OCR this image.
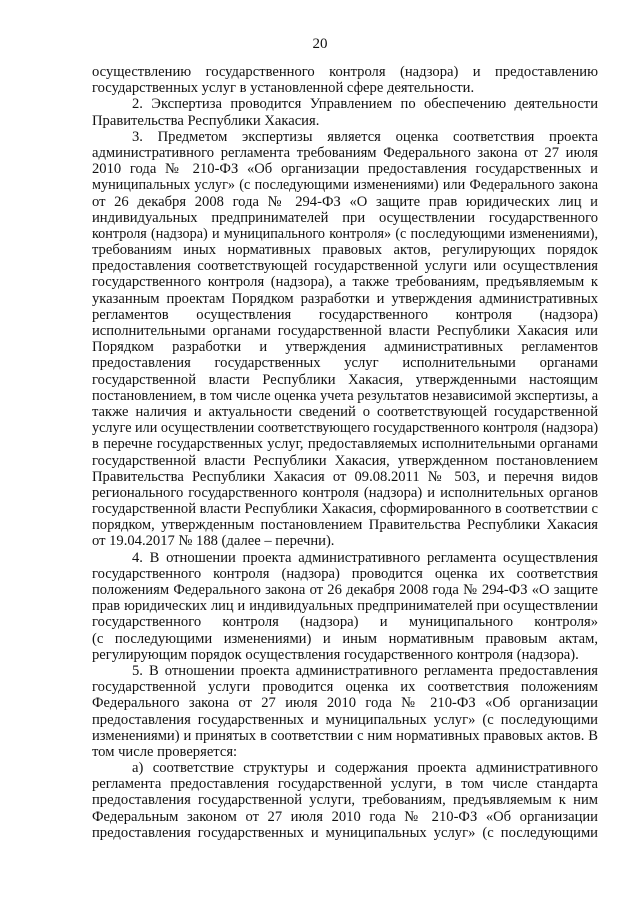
20
осуществлению государственного контроля (надзора) и предоставлению
государственных услуг в установленной сфере деятельности.
2. Экспертиза проводится Управлением по обеспечению деятельности
Правительства Республики Хакасия.
3. Предметом экспертизы является оценка соответствия проекта
административного регламента требованиям Федерального закона от 27 июля
2010 года № 210-ФЗ «Об организации предоставления государственных и
муниципальных услуг» (с последующими изменениями) или Федерального закона
от 26 декабря 2008 года № 294-ФЗ «О защите прав юридических лиц и
индивидуальных предпринимателей при осуществлении государственного
контроля (надзора) и муниципального контроля» (с последующими изменениями),
требованиям иных нормативных правовых актов, регулирующих порядок
предоставления соответствующей государственной услуги или осуществления
государственного контроля (надзора), а также требованиям, предъявляемым к
указанным проектам Порядком разработки и утверждения административных
регламентов осуществления государственного контроля (надзора)
исполнительными органами государственной власти Республики Хакасия или
Порядком разработки и утверждения административных регламентов
предоставления государственных услуг исполнительными органами
государственной власти Республики Хакасия, утвержденными настоящим
постановлением, в том числе оценка учета результатов независимой экспертизы, а
также наличия и актуальности сведений о соответствующей государственной
услуге или осуществлении соответствующего государственного контроля (надзора)
в перечне государственных услуг, предоставляемых исполнительными органами
государственной власти Республики Хакасия, утвержденном постановлением
Правительства Республики Хакасия от 09.08.2011 № 503, и перечня видов
регионального государственного контроля (надзора) и исполнительных органов
государственной власти Республики Хакасия, сформированного в соответствии с
порядком, утвержденным постановлением Правительства Республики Хакасия
от 19.04.2017 № 188 (далее – перечни).
4. В отношении проекта административного регламента осуществления
государственного контроля (надзора) проводится оценка их соответствия
положениям Федерального закона от 26 декабря 2008 года № 294-ФЗ «О защите
прав юридических лиц и индивидуальных предпринимателей при осуществлении
государственного контроля (надзора) и муниципального контроля»
(с последующими изменениями) и иным нормативным правовым актам,
регулирующим порядок осуществления государственного контроля (надзора).
5. В отношении проекта административного регламента предоставления
государственной услуги проводится оценка их соответствия положениям
Федерального закона от 27 июля 2010 года № 210-ФЗ «Об организации
предоставления государственных и муниципальных услуг» (с последующими
изменениями) и принятых в соответствии с ним нормативных правовых актов. В
том числе проверяется:
а) соответствие структуры и содержания проекта административного
регламента предоставления государственной услуги, в том числе стандарта
предоставления государственной услуги, требованиям, предъявляемым к ним
Федеральным законом от 27 июля 2010 года № 210-ФЗ «Об организации
предоставления государственных и муниципальных услуг» (с последующими
